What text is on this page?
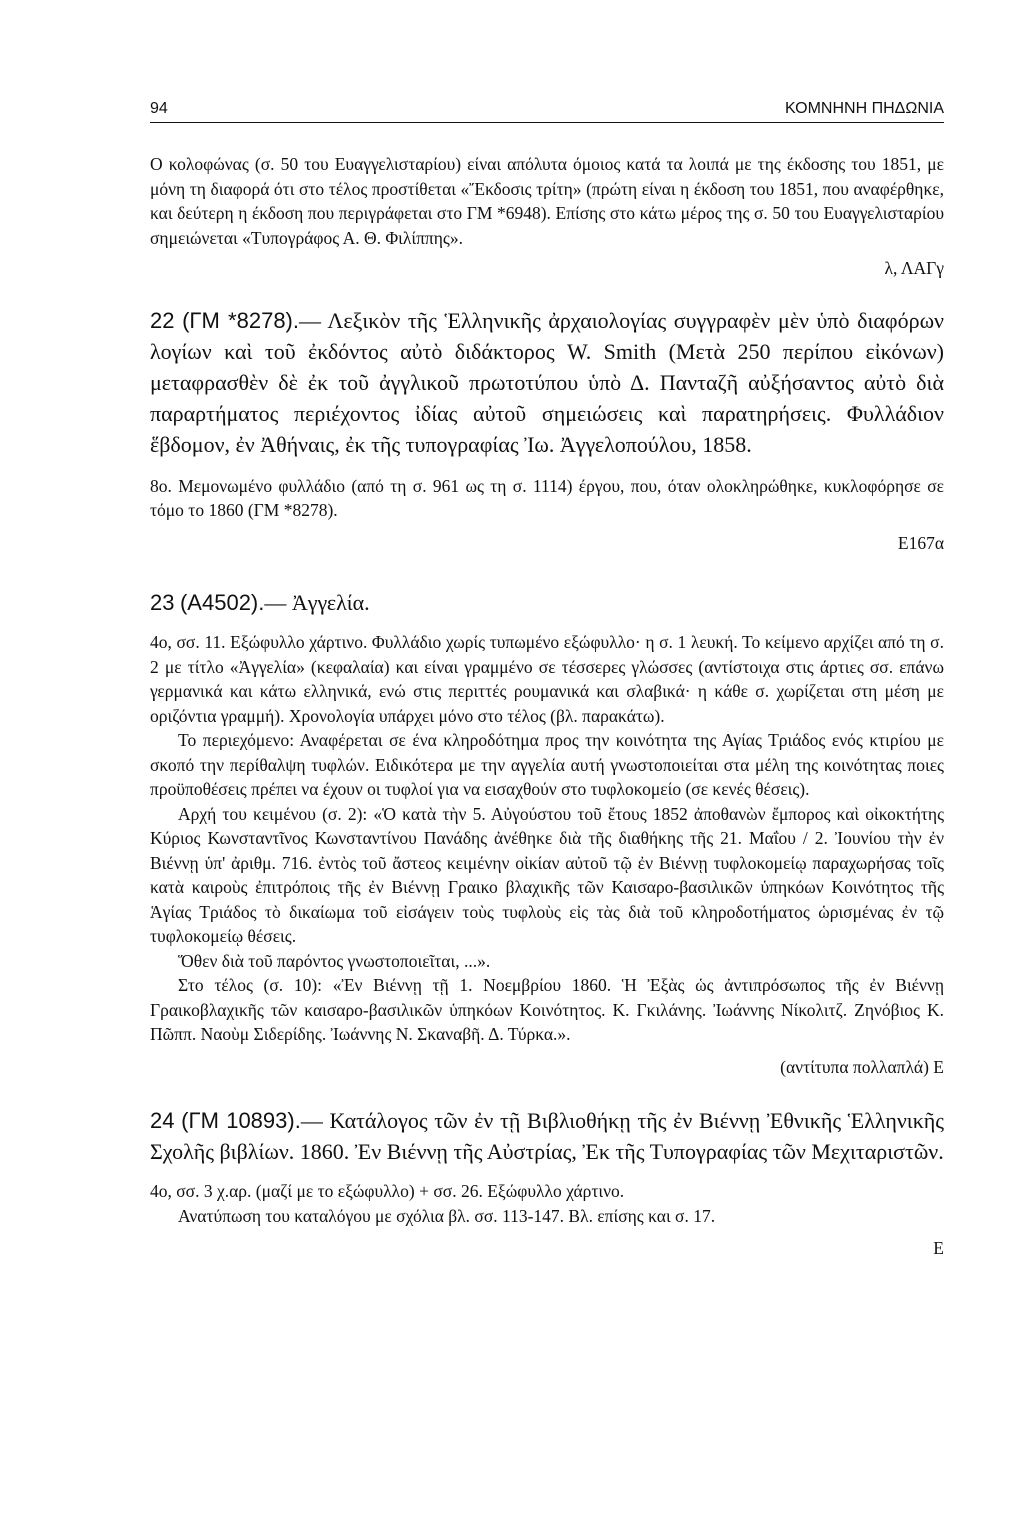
94	ΚΟΜΝΗΝΗ ΠΗΔΩΝΙΑ

Ο κολοφώνας (σ. 50 του Ευαγγελισταρίου) είναι απόλυτα όμοιος κατά τα λοιπά με της έκδοσης του 1851, με μόνη τη διαφορά ότι στο τέλος προστίθεται «Ἔκδοσις τρίτη» (πρώτη είναι η έκδοση του 1851, που αναφέρθηκε, και δεύτερη η έκδοση που περιγράφεται στο ΓΜ *6948). Επίσης στο κάτω μέρος της σ. 50 του Ευαγγελισταρίου σημειώνεται «Τυπογράφος Α. Θ. Φιλίππης».

λ, ΛΑΓγ

22 (ΓΜ *8278).— Λεξικὸν τῆς Ἑλληνικῆς ἀρχαιολογίας συγγραφὲν μὲν ὑπὸ διαφόρων λογίων καὶ τοῦ ἐκδόντος αὐτὸ διδάκτορος W. Smith (Μετὰ 250 περίπου εἰκόνων) μεταφρασθὲν δὲ ἐκ τοῦ ἀγγλικοῦ πρωτοτύπου ὑπὸ Δ. Πανταζῆ αὐξήσαντος αὐτὸ διὰ παραρτήματος περιέχοντος ἰδίας αὐτοῦ σημειώσεις καὶ παρατηρήσεις. Φυλλάδιον ἕβδομον, ἐν Ἀθήναις, ἐκ τῆς τυπογραφίας Ἰω. Ἀγγελοπούλου, 1858.

8ο. Μεμονωμένο φυλλάδιο (από τη σ. 961 ως τη σ. 1114) έργου, που, όταν ολοκληρώθηκε, κυκλοφόρησε σε τόμο το 1860 (ΓΜ *8278).

Ε167α

23 (Α4502).— Ἀγγελία.

4ο, σσ. 11. Εξώφυλλο χάρτινο. Φυλλάδιο χωρίς τυπωμένο εξώφυλλο· η σ. 1 λευκή. Το κείμενο αρχίζει από τη σ. 2 με τίτλο «Ἀγγελία» (κεφαλαία) και είναι γραμμένο σε τέσσερες γλώσσες (αντίστοιχα στις άρτιες σσ. επάνω γερμανικά και κάτω ελληνικά, ενώ στις περιττές ρουμανικά και σλαβικά· η κάθε σ. χωρίζεται στη μέση με οριζόντια γραμμή). Χρονολογία υπάρχει μόνο στο τέλος (βλ. παρακάτω).

Το περιεχόμενο: Αναφέρεται σε ένα κληροδότημα προς την κοινότητα της Αγίας Τριάδος ενός κτιρίου με σκοπό την περίθαλψη τυφλών. Ειδικότερα με την αγγελία αυτή γνωστοποιείται στα μέλη της κοινότητας ποιες προϋποθέσεις πρέπει να έχουν οι τυφλοί για να εισαχθούν στο τυφλοκομείο (σε κενές θέσεις).

Αρχή του κειμένου (σ. 2): «Ὁ κατὰ τὴν 5. Αὐγούστου τοῦ ἔτους 1852 ἀποθανὼν ἔμπορος καὶ οἰκοκτήτης Κύριος Κωνσταντῖνος Κωνσταντίνου Πανάδης ἀνέθηκε διὰ τῆς διαθήκης τῆς 21. Μαΐου / 2. Ἰουνίου τὴν ἐν Βιέννῃ ὑπ' ἀριθμ. 716. ἐντὸς τοῦ ἄστεος κειμένην οἰκίαν αὐτοῦ τῷ ἐν Βιέννῃ τυφλοκομείῳ παραχωρήσας τοῖς κατὰ καιροὺς ἐπιτρόποις τῆς ἐν Βιέννῃ Γραικο βλαχικῆς τῶν Καισαρο-βασιλικῶν ὑπηκόων Κοινότητος τῆς Ἁγίας Τριάδος τὸ δικαίωμα τοῦ εἰσάγειν τοὺς τυφλοὺς εἰς τὰς διὰ τοῦ κληροδοτήματος ὡρισμένας ἐν τῷ τυφλοκομείῳ θέσεις.

Ὅθεν διὰ τοῦ παρόντος γνωστοποιεῖται, ...».

Στο τέλος (σ. 10): «Ἐν Βιέννῃ τῇ 1. Νοεμβρίου 1860. Ἡ Ἐξὰς ὡς ἀντιπρόσωπος τῆς ἐν Βιέννῃ Γραικοβλαχικῆς τῶν καισαρο-βασιλικῶν ὑπηκόων Κοινότητος. Κ. Γκιλάνης. Ἰωάννης Νίκολιτζ. Ζηνόβιος Κ. Πῶππ. Ναοὺμ Σιδερίδης. Ἰωάννης Ν. Σκαναβῆ. Δ. Τύρκα.».

(αντίτυπα πολλαπλά) Ε

24 (ΓΜ 10893).— Κατάλογος τῶν ἐν τῇ Βιβλιοθήκῃ τῆς ἐν Βιέννῃ Ἐθνικῆς Ἑλληνικῆς Σχολῆς βιβλίων. 1860. Ἐν Βιέννῃ τῆς Αὐστρίας, Ἐκ τῆς Τυπογραφίας τῶν Μεχιταριστῶν.

4ο, σσ. 3 χ.αρ. (μαζί με το εξώφυλλο) + σσ. 26. Εξώφυλλο χάρτινο.

Ανατύπωση του καταλόγου με σχόλια βλ. σσ. 113-147. Βλ. επίσης και σ. 17.

Ε
